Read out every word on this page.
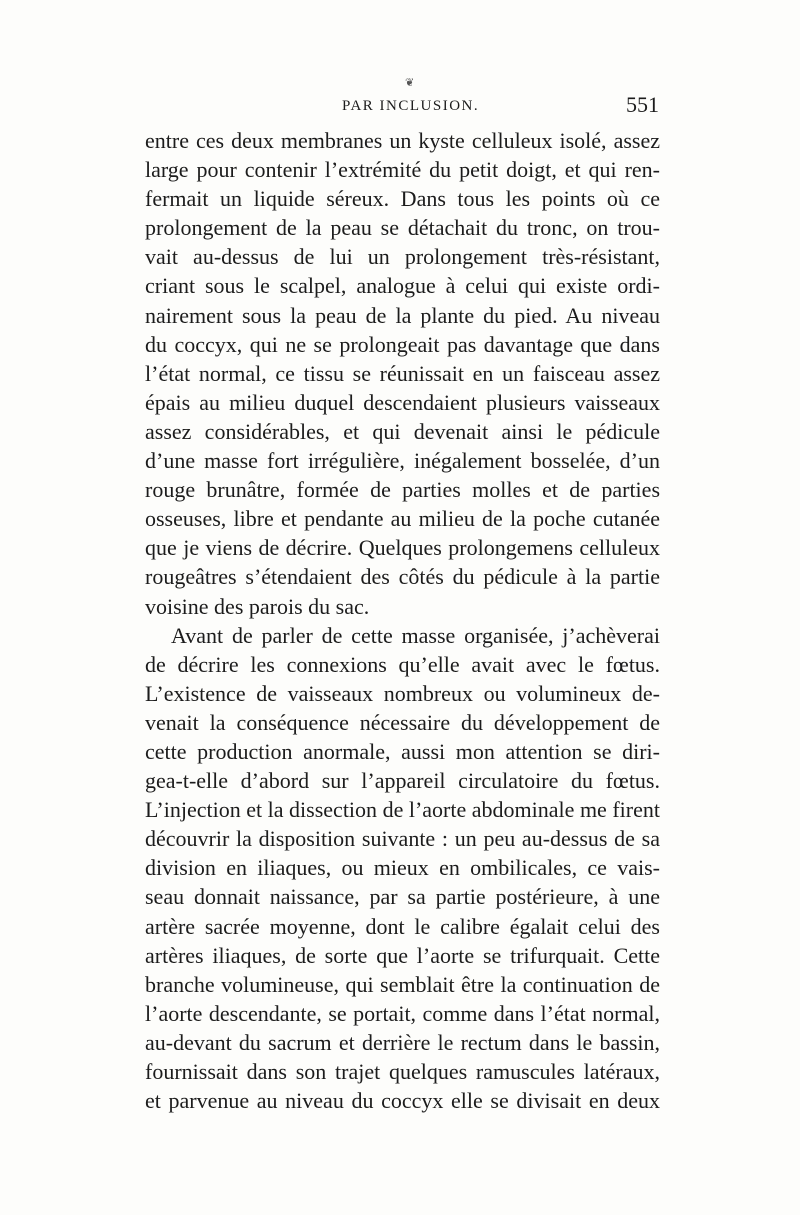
❦
PAR INCLUSION.	551
entre ces deux membranes un kyste celluleux isolé, assez
large pour contenir l’extrémité du petit doigt, et qui ren-
fermait un liquide séreux. Dans tous les points où ce
prolongement de la peau se détachait du tronc, on trou-
vait au-dessus de lui un prolongement très-résistant,
criant sous le scalpel, analogue à celui qui existe ordi-
nairement sous la peau de la plante du pied. Au niveau
du coccyx, qui ne se prolongeait pas davantage que dans
l’état normal, ce tissu se réunissait en un faisceau assez
épais au milieu duquel descendaient plusieurs vaisseaux
assez considérables, et qui devenait ainsi le pédicule
d’une masse fort irrégulière, inégalement bosselée, d’un
rouge brunâtre, formée de parties molles et de parties
osseuses, libre et pendante au milieu de la poche cutanée
que je viens de décrire. Quelques prolongemens celluleux
rougeâtres s’étendaient des côtés du pédicule à la partie
voisine des parois du sac.
Avant de parler de cette masse organisée, j’achèverai
de décrire les connexions qu’elle avait avec le fœtus.
L’existence de vaisseaux nombreux ou volumineux de-
venait la conséquence nécessaire du développement de
cette production anormale, aussi mon attention se diri-
gea-t-elle d’abord sur l’appareil circulatoire du fœtus.
L’injection et la dissection de l’aorte abdominale me firent
découvrir la disposition suivante : un peu au-dessus de sa
division en iliaques, ou mieux en ombilicales, ce vais-
seau donnait naissance, par sa partie postérieure, à une
artère sacrée moyenne, dont le calibre égalait celui des
artères iliaques, de sorte que l’aorte se trifurquait. Cette
branche volumineuse, qui semblait être la continuation de
l’aorte descendante, se portait, comme dans l’état normal,
au-devant du sacrum et derrière le rectum dans le bassin,
fournissait dans son trajet quelques ramuscules latéraux,
et parvenue au niveau du coccyx elle se divisait en deux
